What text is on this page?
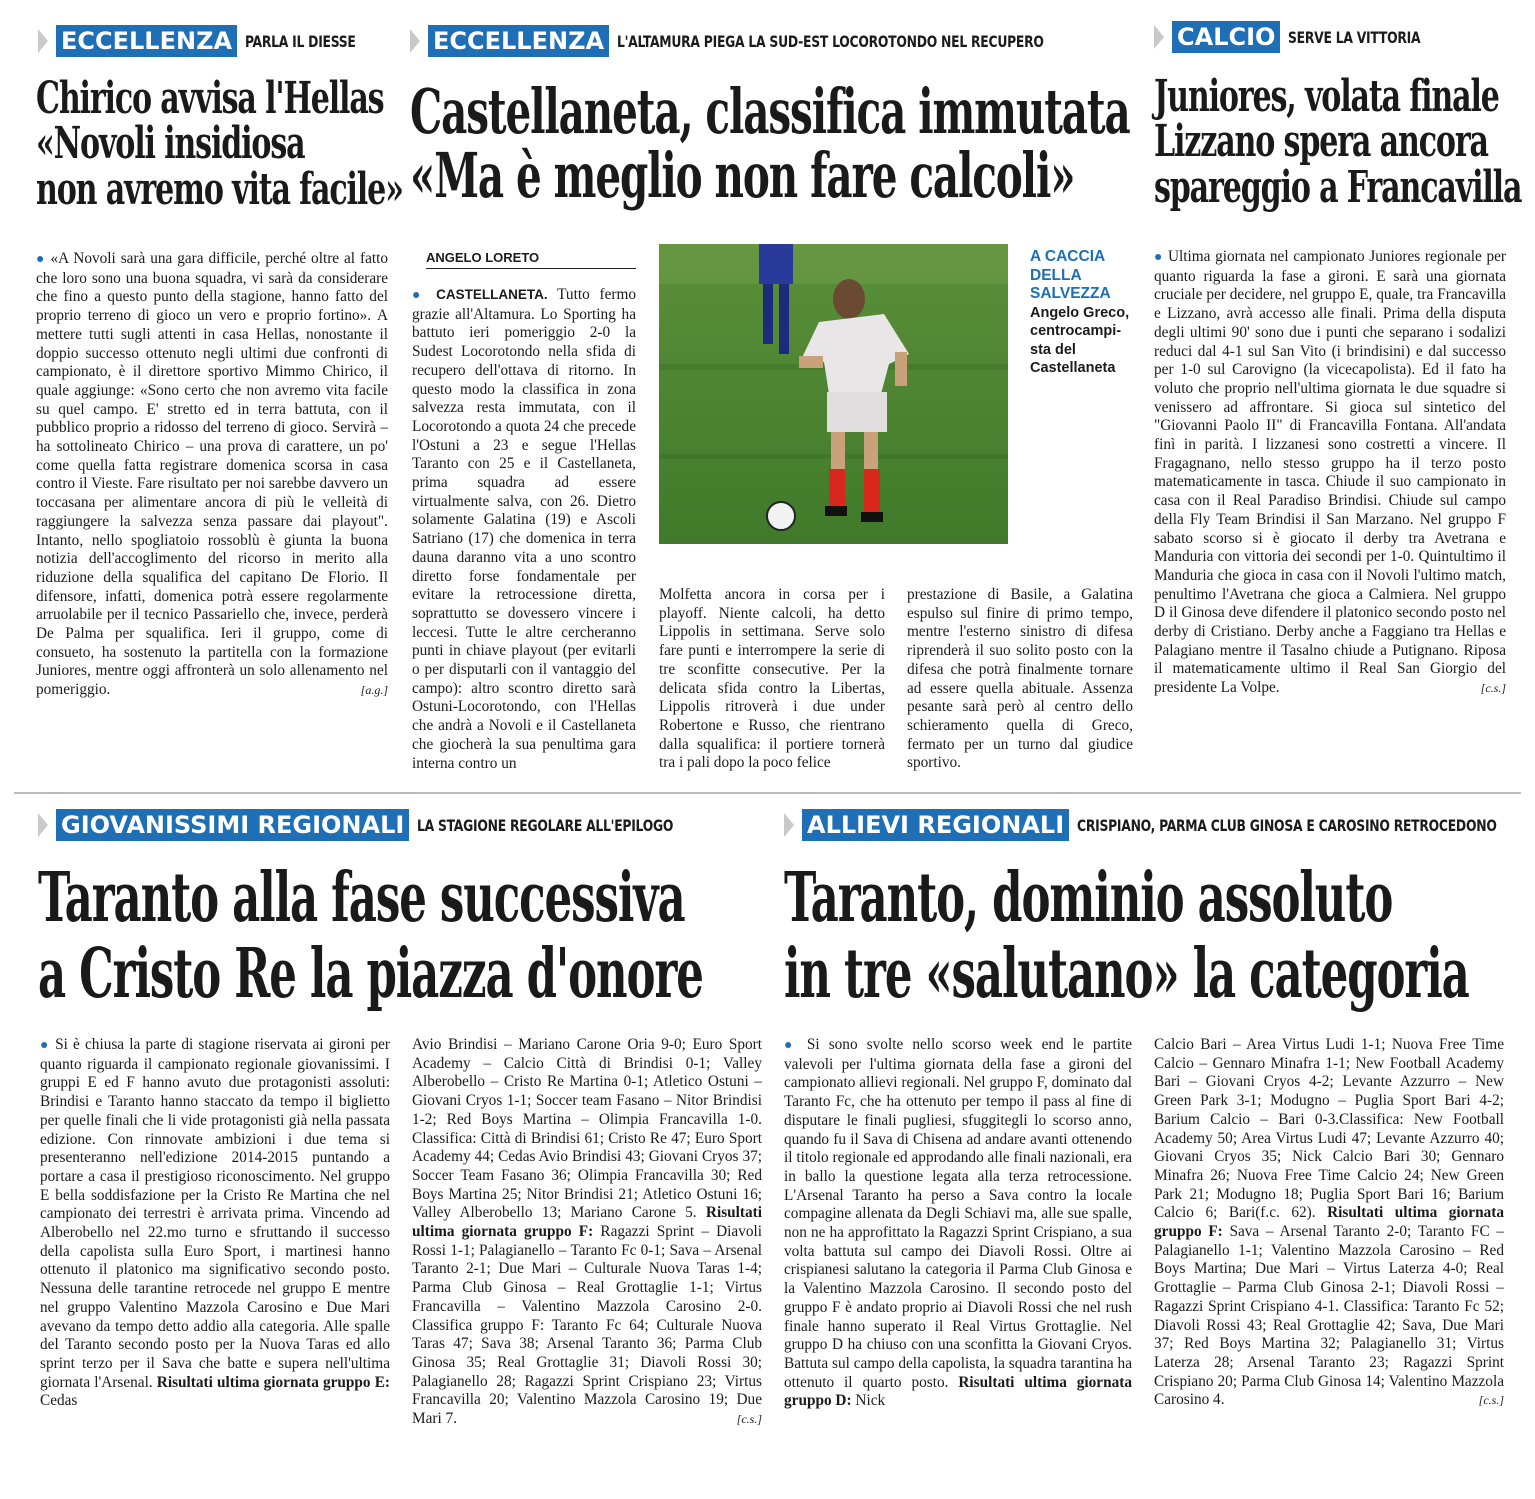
ECCELLENZA PARLA IL DIESSE
Chirico avvisa l'Hellas
«Novoli insidiosa
non avremo vita facile»
● «A Novoli sarà una gara difficile, perché oltre al fatto che loro sono una buona squadra, vi sarà da considerare che fino a questo punto della stagione, hanno fatto del proprio terreno di gioco un vero e proprio fortino». A mettere tutti sugli attenti in casa Hellas, nonostante il doppio successo ottenuto negli ultimi due confronti di campionato, è il direttore sportivo Mimmo Chirico, il quale aggiunge: «Sono certo che non avremo vita facile su quel campo. E' stretto ed in terra battuta, con il pubblico proprio a ridosso del terreno di gioco. Servirà – ha sottolineato Chirico – una prova di carattere, un po' come quella fatta registrare domenica scorsa in casa contro il Vieste. Fare risultato per noi sarebbe davvero un toccasana per alimentare ancora di più le velleità di raggiungere la salvezza senza passare dai playout". Intanto, nello spogliatoio rossoblù è giunta la buona notizia dell'accoglimento del ricorso in merito alla riduzione della squalifica del capitano De Florio. Il difensore, infatti, domenica potrà essere regolarmente arruolabile per il tecnico Passariello che, invece, perderà De Palma per squalifica. Ieri il gruppo, come di consueto, ha sostenuto la partitella con la formazione Juniores, mentre oggi affronterà un solo allenamento nel pomeriggio.	[a.g.]
ECCELLENZA L'ALTAMURA PIEGA LA SUD-EST LOCOROTONDO NEL RECUPERO
Castellaneta, classifica immutata
«Ma è meglio non fare calcoli»
ANGELO LORETO
● CASTELLANETA. Tutto fermo grazie all'Altamura. Lo Sporting ha battuto ieri pomeriggio 2-0 la Sudest Locorotondo nella sfida di recupero dell'ottava di ritorno. In questo modo la classifica in zona salvezza resta immutata, con il Locorotondo a quota 24 che precede l'Ostuni a 23 e segue l'Hellas Taranto con 25 e il Castellaneta, prima squadra ad essere virtualmente salva, con 26. Dietro solamente Galatina (19) e Ascoli Satriano (17) che domenica in terra dauna daranno vita a uno scontro diretto forse fondamentale per evitare la retrocessione diretta, soprattutto se dovessero vincere i leccesi. Tutte le altre cercheranno punti in chiave playout (per evitarli o per disputarli con il vantaggio del campo): altro scontro diretto sarà Ostuni-Locorotondo, con l'Hellas che andrà a Novoli e il Castellaneta che giocherà la sua penultima gara interna contro un
A CACCIA
DELLA
SALVEZZA
Angelo Greco,
centrocampi-
sta del
Castellaneta
Molfetta ancora in corsa per i playoff. Niente calcoli, ha detto Lippolis in settimana. Serve solo fare punti e interrompere la serie di tre sconfitte consecutive. Per la delicata sfida contro la Libertas, Lippolis ritroverà i due under Robertone e Russo, che rientrano dalla squalifica: il portiere tornerà tra i pali dopo la poco felice
prestazione di Basile, a Galatina espulso sul finire di primo tempo, mentre l'esterno sinistro di difesa riprenderà il suo solito posto con la difesa che potrà finalmente tornare ad essere quella abituale. Assenza pesante sarà però al centro dello schieramento quella di Greco, fermato per un turno dal giudice sportivo.
CALCIO SERVE LA VITTORIA
Juniores, volata finale
Lizzano spera ancora
spareggio a Francavilla
● Ultima giornata nel campionato Juniores regionale per quanto riguarda la fase a gironi. E sarà una giornata cruciale per decidere, nel gruppo E, quale, tra Francavilla e Lizzano, avrà accesso alle finali. Prima della disputa degli ultimi 90' sono due i punti che separano i sodalizi reduci dal 4-1 sul San Vito (i brindisini) e dal successo per 1-0 sul Carovigno (la vicecapolista). Ed il fato ha voluto che proprio nell'ultima giornata le due squadre si venissero ad affrontare. Si gioca sul sintetico del "Giovanni Paolo II" di Francavilla Fontana. All'andata finì in parità. I lizzanesi sono costretti a vincere. Il Fragagnano, nello stesso gruppo ha il terzo posto matematicamente in tasca. Chiude il suo campionato in casa con il Real Paradiso Brindisi. Chiude sul campo della Fly Team Brindisi il San Marzano. Nel gruppo F sabato scorso si è giocato il derby tra Avetrana e Manduria con vittoria dei secondi per 1-0. Quintultimo il Manduria che gioca in casa con il Novoli l'ultimo match, penultimo l'Avetrana che gioca a Calmiera. Nel gruppo D il Ginosa deve difendere il platonico secondo posto nel derby di Cristiano. Derby anche a Faggiano tra Hellas e Palagiano mentre il Tasalno chiude a Putignano. Riposa il matematicamente ultimo il Real San Giorgio del presidente La Volpe.	[c.s.]
GIOVANISSIMI REGIONALI LA STAGIONE REGOLARE ALL'EPILOGO
Taranto alla fase successiva
a Cristo Re la piazza d'onore
● Si è chiusa la parte di stagione riservata ai gironi per quanto riguarda il campionato regionale giovanissimi. I gruppi E ed F hanno avuto due protagonisti assoluti: Brindisi e Taranto hanno staccato da tempo il biglietto per quelle finali che li vide protagonisti già nella passata edizione. Con rinnovate ambizioni i due tema si presenteranno nell'edizione 2014-2015 puntando a portare a casa il prestigioso riconoscimento. Nel gruppo E bella soddisfazione per la Cristo Re Martina che nel campionato dei terrestri è arrivata prima. Vincendo ad Alberobello nel 22.mo turno e sfruttando il successo della capolista sulla Euro Sport, i martinesi hanno ottenuto il platonico ma significativo secondo posto. Nessuna delle tarantine retrocede nel gruppo E mentre nel gruppo Valentino Mazzola Carosino e Due Mari avevano da tempo detto addio alla categoria. Alle spalle del Taranto secondo posto per la Nuova Taras ed allo sprint terzo per il Sava che batte e supera nell'ultima giornata l'Arsenal. Risultati ultima giornata gruppo E: Cedas
Avio Brindisi – Mariano Carone Oria 9-0; Euro Sport Academy – Calcio Città di Brindisi 0-1; Valley Alberobello – Cristo Re Martina 0-1; Atletico Ostuni – Giovani Cryos 1-1; Soccer team Fasano – Nitor Brindisi 1-2; Red Boys Martina – Olimpia Francavilla 1-0. Classifica: Città di Brindisi 61; Cristo Re 47; Euro Sport Academy 44; Cedas Avio Brindisi 43; Giovani Cryos 37; Soccer Team Fasano 36; Olimpia Francavilla 30; Red Boys Martina 25; Nitor Brindisi 21; Atletico Ostuni 16; Valley Alberobello 13; Mariano Carone 5. Risultati ultima giornata gruppo F: Ragazzi Sprint – Diavoli Rossi 1-1; Palagianello – Taranto Fc 0-1; Sava – Arsenal Taranto 2-1; Due Mari – Culturale Nuova Taras 1-4; Parma Club Ginosa – Real Grottaglie 1-1; Virtus Francavilla – Valentino Mazzola Carosino 2-0. Classifica gruppo F: Taranto Fc 64; Culturale Nuova Taras 47; Sava 38; Arsenal Taranto 36; Parma Club Ginosa 35; Real Grottaglie 31; Diavoli Rossi 30; Palagianello 28; Ragazzi Sprint Crispiano 23; Virtus Francavilla 20; Valentino Mazzola Carosino 19; Due Mari 7.	[c.s.]
ALLIEVI REGIONALI CRISPIANO, PARMA CLUB GINOSA E CAROSINO RETROCEDONO
Taranto, dominio assoluto
in tre «salutano» la categoria
● Si sono svolte nello scorso week end le partite valevoli per l'ultima giornata della fase a gironi del campionato allievi regionali. Nel gruppo F, dominato dal Taranto Fc, che ha ottenuto per tempo il pass al fine di disputare le finali pugliesi, sfuggitegli lo scorso anno, quando fu il Sava di Chisena ad andare avanti ottenendo il titolo regionale ed approdando alle finali nazionali, era in ballo la questione legata alla terza retrocessione. L'Arsenal Taranto ha perso a Sava contro la locale compagine allenata da Degli Schiavi ma, alle sue spalle, non ne ha approfittato la Ragazzi Sprint Crispiano, a sua volta battuta sul campo dei Diavoli Rossi. Oltre ai crispianesi salutano la categoria il Parma Club Ginosa e la Valentino Mazzola Carosino. Il secondo posto del gruppo F è andato proprio ai Diavoli Rossi che nel rush finale hanno superato il Real Virtus Grottaglie. Nel gruppo D ha chiuso con una sconfitta la Giovani Cryos. Battuta sul campo della capolista, la squadra tarantina ha ottenuto il quarto posto. Risultati ultima giornata gruppo D: Nick
Calcio Bari – Area Virtus Ludi 1-1; Nuova Free Time Calcio – Gennaro Minafra 1-1; New Football Academy Bari – Giovani Cryos 4-2; Levante Azzurro – New Green Park 3-1; Modugno – Puglia Sport Bari 4-2; Barium Calcio – Bari 0-3.Classifica: New Football Academy 50; Area Virtus Ludi 47; Levante Azzurro 40; Giovani Cryos 35; Nick Calcio Bari 30; Gennaro Minafra 26; Nuova Free Time Calcio 24; New Green Park 21; Modugno 18; Puglia Sport Bari 16; Barium Calcio 6; Bari(f.c. 62). Risultati ultima giornata gruppo F: Sava – Arsenal Taranto 2-0; Taranto FC – Palagianello 1-1; Valentino Mazzola Carosino – Red Boys Martina; Due Mari – Virtus Laterza 4-0; Real Grottaglie – Parma Club Ginosa 2-1; Diavoli Rossi – Ragazzi Sprint Crispiano 4-1. Classifica: Taranto Fc 52; Diavoli Rossi 43; Real Grottaglie 42; Sava, Due Mari 37; Red Boys Martina 32; Palagianello 31; Virtus Laterza 28; Arsenal Taranto 23; Ragazzi Sprint Crispiano 20; Parma Club Ginosa 14; Valentino Mazzola Carosino 4.	[c.s.]
